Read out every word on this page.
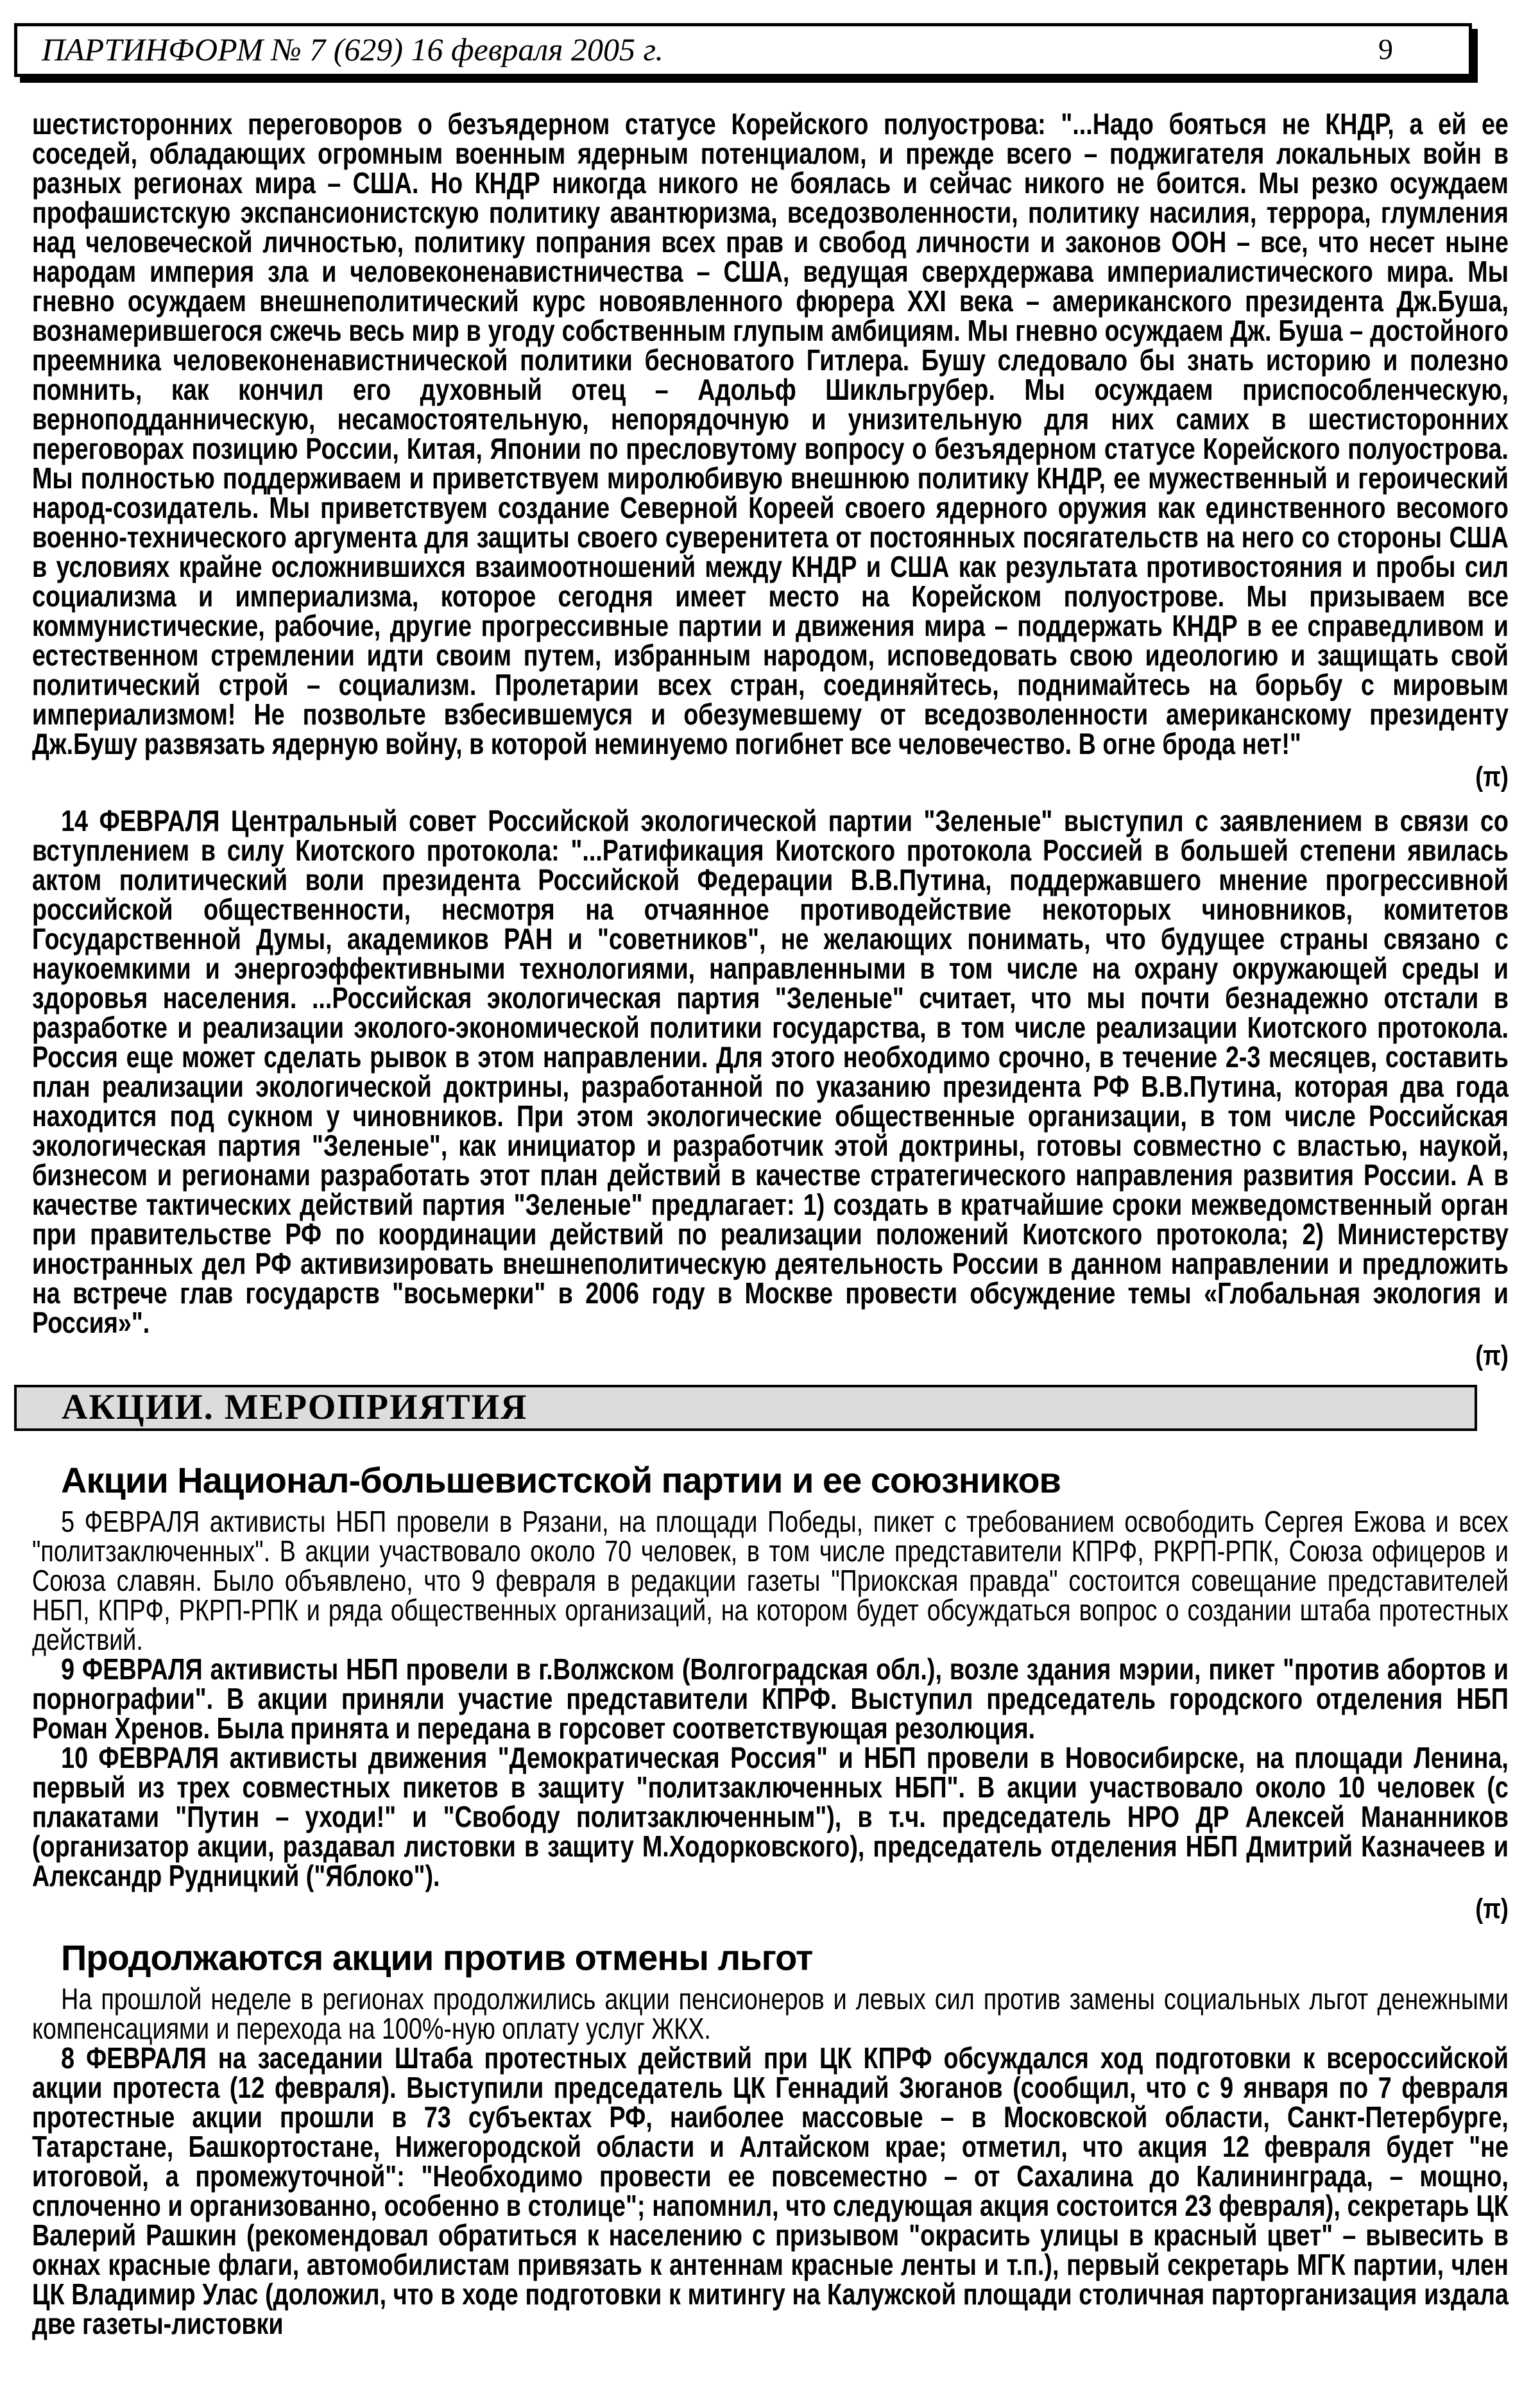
ПАРТИНФОРМ № 7 (629) 16 февраля 2005 г.	9

шестисторонних переговоров о безъядерном статусе Корейского полуострова: "...Надо бояться не КНДР, а ей ее соседей, обладающих огромным военным ядерным потенциалом, и прежде всего – поджигателя локальных войн в разных регионах мира – США. Но КНДР никогда никого не боялась и сейчас никого не боится. Мы резко осуждаем профашистскую экспансионистскую политику авантюризма, вседозволенности, политику насилия, террора, глумления над человеческой личностью, политику попрания всех прав и свобод личности и законов ООН – все, что несет ныне народам империя зла и человеконенавистничества – США, ведущая сверхдержава империалистического мира. Мы гневно осуждаем внешнеполитический курс новоявленного фюрера XXI века – американского президента Дж.Буша, вознамерившегося сжечь весь мир в угоду собственным глупым амбициям. Мы гневно осуждаем Дж. Буша – достойного преемника человеконенавистнической политики бесноватого Гитлера. Бушу следовало бы знать историю и полезно помнить, как кончил его духовный отец – Адольф Шикльгрубер. Мы осуждаем приспособленческую, верноподданническую, несамостоятельную, непорядочную и унизительную для них самих в шестисторонних переговорах позицию России, Китая, Японии по пресловутому вопросу о безъядерном статусе Корейского полуострова. Мы полностью поддерживаем и приветствуем миролюбивую внешнюю политику КНДР, ее мужественный и героический народ-созидатель. Мы приветствуем создание Северной Кореей своего ядерного оружия как единственного весомого военно-технического аргумента для защиты своего суверенитета от постоянных посягательств на него со стороны США в условиях крайне осложнившихся взаимоотношений между КНДР и США как результата противостояния и пробы сил социализма и империализма, которое сегодня имеет место на Корейском полуострове. Мы призываем все коммунистические, рабочие, другие прогрессивные партии и движения мира – поддержать КНДР в ее справедливом и естественном стремлении идти своим путем, избранным народом, исповедовать свою идеологию и защищать свой политический строй – социализм. Пролетарии всех стран, соединяйтесь, поднимайтесь на борьбу с мировым империализмом! Не позвольте взбесившемуся и обезумевшему от вседозволенности американскому президенту Дж.Бушу развязать ядерную войну, в которой неминуемо погибнет все человечество. В огне брода нет!"

(π)

14 ФЕВРАЛЯ Центральный совет Российской экологической партии "Зеленые" выступил с заявлением в связи со вступлением в силу Киотского протокола: "...Ратификация Киотского протокола Россией в большей степени явилась актом политический воли президента Российской Федерации В.В.Путина, поддержавшего мнение прогрессивной российской общественности, несмотря на отчаянное противодействие некоторых чиновников, комитетов Государственной Думы, академиков РАН и "советников", не желающих понимать, что будущее страны связано с наукоемкими и энергоэффективными технологиями, направленными в том числе на охрану окружающей среды и здоровья населения. ...Российская экологическая партия "Зеленые" считает, что мы почти безнадежно отстали в разработке и реализации эколого-экономической политики государства, в том числе реализации Киотского протокола. Россия еще может сделать рывок в этом направлении. Для этого необходимо срочно, в течение 2-3 месяцев, составить план реализации экологической доктрины, разработанной по указанию президента РФ В.В.Путина, которая два года находится под сукном у чиновников. При этом экологические общественные организации, в том числе Российская экологическая партия "Зеленые", как инициатор и разработчик этой доктрины, готовы совместно с властью, наукой, бизнесом и регионами разработать этот план действий в качестве стратегического направления развития России. А в качестве тактических действий партия "Зеленые" предлагает: 1) создать в кратчайшие сроки межведомственный орган при правительстве РФ по координации действий по реализации положений Киотского протокола; 2) Министерству иностранных дел РФ активизировать внешнеполитическую деятельность России в данном направлении и предложить на встрече глав государств "восьмерки" в 2006 году в Москве провести обсуждение темы «Глобальная экология и Россия»".

(π)
АКЦИИ. МЕРОПРИЯТИЯ
Акции Национал-большевистской партии и ее союзников

5 ФЕВРАЛЯ активисты НБП провели в Рязани, на площади Победы, пикет с требованием освободить Сергея Ежова и всех "политзаключенных". В акции участвовало около 70 человек, в том числе представители КПРФ, РКРП-РПК, Союза офицеров и Союза славян. Было объявлено, что 9 февраля в редакции газеты "Приокская правда" состоится совещание представителей НБП, КПРФ, РКРП-РПК и ряда общественных организаций, на котором будет обсуждаться вопрос о создании штаба протестных действий.

9 ФЕВРАЛЯ активисты НБП провели в г.Волжском (Волгоградская обл.), возле здания мэрии, пикет "против абортов и порнографии". В акции приняли участие представители КПРФ. Выступил председатель городского отделения НБП Роман Хренов. Была принята и передана в горсовет соответствующая резолюция.

10 ФЕВРАЛЯ активисты движения "Демократическая Россия" и НБП провели в Новосибирске, на площади Ленина, первый из трех совместных пикетов в защиту "политзаключенных НБП". В акции участвовало около 10 человек (с плакатами "Путин – уходи!" и "Свободу политзаключенным"), в т.ч. председатель НРО ДР Алексей Мананников (организатор акции, раздавал листовки в защиту М.Ходорковского), председатель отделения НБП Дмитрий Казначеев и Александр Рудницкий ("Яблоко").

(π)
Продолжаются акции против отмены льгот

На прошлой неделе в регионах продолжились акции пенсионеров и левых сил против замены социальных льгот денежными компенсациями и перехода на 100%-ную оплату услуг ЖКХ.

8 ФЕВРАЛЯ на заседании Штаба протестных действий при ЦК КПРФ обсуждался ход подготовки к всероссийской акции протеста (12 февраля). Выступили председатель ЦК Геннадий Зюганов (сообщил, что с 9 января по 7 февраля протестные акции прошли в 73 субъектах РФ, наиболее массовые – в Московской области, Санкт-Петербурге, Татарстане, Башкортостане, Нижегородской области и Алтайском крае; отметил, что акция 12 февраля будет "не итоговой, а промежуточной": "Необходимо провести ее повсеместно – от Сахалина до Калининграда, – мощно, сплоченно и организованно, особенно в столице"; напомнил, что следующая акция состоится 23 февраля), секретарь ЦК Валерий Рашкин (рекомендовал обратиться к населению с призывом "окрасить улицы в красный цвет" – вывесить в окнах красные флаги, автомобилистам привязать к антеннам красные ленты и т.п.), первый секретарь МГК партии, член ЦК Владимир Улас (доложил, что в ходе подготовки к митингу на Калужской площади столичная парторганизация издала две газеты-листовки
